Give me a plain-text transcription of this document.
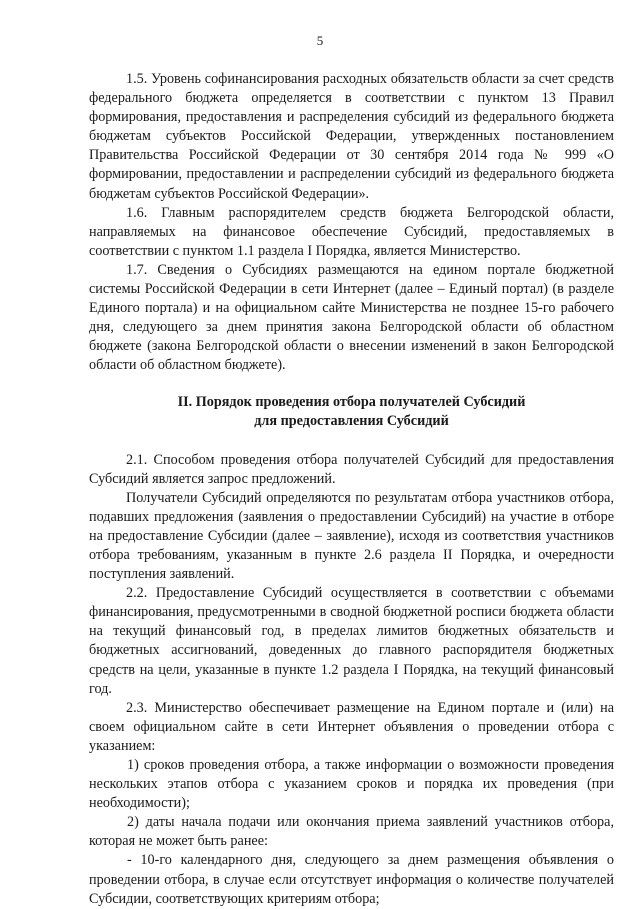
5

1.5. Уровень софинансирования расходных обязательств области за счет средств федерального бюджета определяется в соответствии с пунктом 13 Правил формирования, предоставления и распределения субсидий из федерального бюджета бюджетам субъектов Российской Федерации, утвержденных постановлением Правительства Российской Федерации от 30 сентября 2014 года № 999 «О формировании, предоставлении и распределении субсидий из федерального бюджета бюджетам субъектов Российской Федерации».

1.6. Главным распорядителем средств бюджета Белгородской области, направляемых на финансовое обеспечение Субсидий, предоставляемых в соответствии с пунктом 1.1 раздела I Порядка, является Министерство.

1.7. Сведения о Субсидиях размещаются на едином портале бюджетной системы Российской Федерации в сети Интернет (далее – Единый портал) (в разделе Единого портала) и на официальном сайте Министерства не позднее 15-го рабочего дня, следующего за днем принятия закона Белгородской области об областном бюджете (закона Белгородской области о внесении изменений в закон Белгородской области об областном бюджете).

II. Порядок проведения отбора получателей Субсидий
для предоставления Субсидий

2.1. Способом проведения отбора получателей Субсидий для предоставления Субсидий является запрос предложений.

Получатели Субсидий определяются по результатам отбора участников отбора, подавших предложения (заявления о предоставлении Субсидий) на участие в отборе на предоставление Субсидии (далее – заявление), исходя из соответствия участников отбора требованиям, указанным в пункте 2.6 раздела II Порядка, и очередности поступления заявлений.

2.2. Предоставление Субсидий осуществляется в соответствии с объемами финансирования, предусмотренными в сводной бюджетной росписи бюджета области на текущий финансовый год, в пределах лимитов бюджетных обязательств и бюджетных ассигнований, доведенных до главного распорядителя бюджетных средств на цели, указанные в пункте 1.2 раздела I Порядка, на текущий финансовый год.

2.3. Министерство обеспечивает размещение на Едином портале и (или) на своем официальном сайте в сети Интернет объявления о проведении отбора с указанием:

1) сроков проведения отбора, а также информации о возможности проведения нескольких этапов отбора с указанием сроков и порядка их проведения (при необходимости);

2) даты начала подачи или окончания приема заявлений участников отбора, которая не может быть ранее:

- 10-го календарного дня, следующего за днем размещения объявления о проведении отбора, в случае если отсутствует информация о количестве получателей Субсидии, соответствующих критериям отбора;
